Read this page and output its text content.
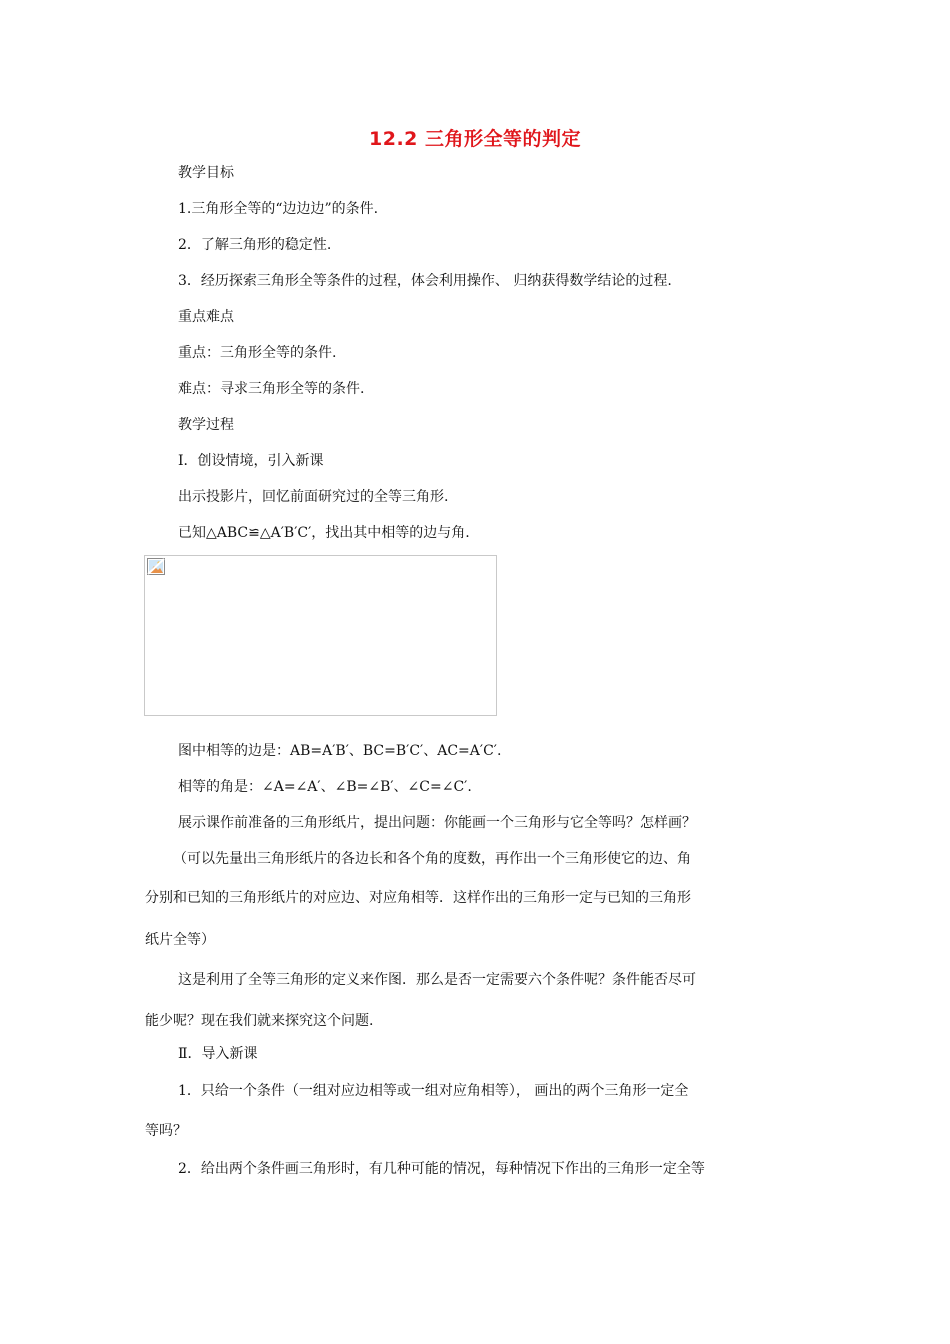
12.2 三角形全等的判定
教学目标
1.三角形全等的“边边边”的条件.
2．了解三角形的稳定性.
3．经历探索三角形全等条件的过程，体会利用操作、 归纳获得数学结论的过程.
重点难点
重点：三角形全等的条件.
难点：寻求三角形全等的条件.
教学过程
Ⅰ．创设情境，引入新课
出示投影片，回忆前面研究过的全等三角形.
已知△ABC≌△A′B′C′，找出其中相等的边与角.
图中相等的边是：AB=A′B′、BC=B′C′、AC=A′C′.
相等的角是：∠A=∠A′、∠B=∠B′、∠C=∠C′.
展示课作前准备的三角形纸片，提出问题：你能画一个三角形与它全等吗？怎样画？
（可以先量出三角形纸片的各边长和各个角的度数，再作出一个三角形使它的边、角
分别和已知的三角形纸片的对应边、对应角相等．这样作出的三角形一定与已知的三角形
纸片全等）
这是利用了全等三角形的定义来作图．那么是否一定需要六个条件呢？条件能否尽可
能少呢？现在我们就来探究这个问题.
Ⅱ．导入新课
1．只给一个条件（一组对应边相等或一组对应角相等）， 画出的两个三角形一定全
等吗？
2．给出两个条件画三角形时，有几种可能的情况，每种情况下作出的三角形一定全等
